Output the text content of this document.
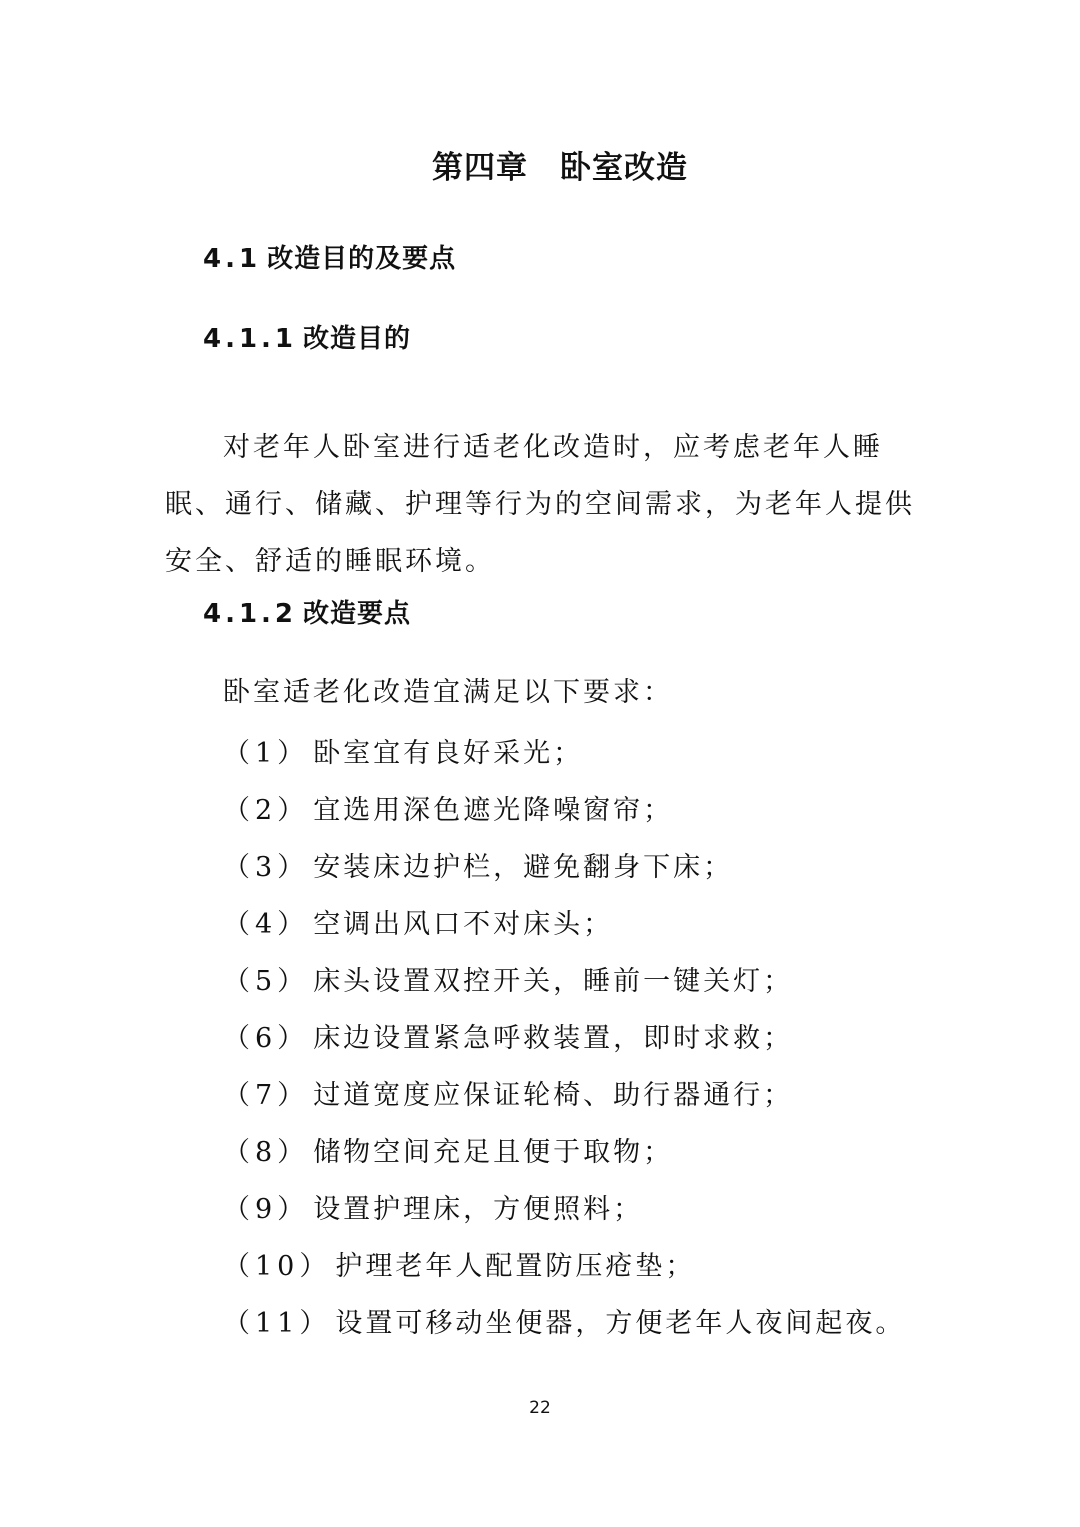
第四章　卧室改造
4.1 改造目的及要点
4.1.1 改造目的

对老年人卧室进行适老化改造时，应考虑老年人睡眠、通行、储藏、护理等行为的空间需求，为老年人提供安全、舒适的睡眠环境。

4.1.2 改造要点
卧室适老化改造宜满足以下要求：
（1） 卧室宜有良好采光；
（2） 宜选用深色遮光降噪窗帘；
（3） 安装床边护栏，避免翻身下床；
（4） 空调出风口不对床头；
（5） 床头设置双控开关，睡前一键关灯；
（6） 床边设置紧急呼救装置，即时求救；
（7） 过道宽度应保证轮椅、助行器通行；
（8） 储物空间充足且便于取物；
（9） 设置护理床，方便照料；
（10） 护理老年人配置防压疮垫；
（11） 设置可移动坐便器，方便老年人夜间起夜。
22
